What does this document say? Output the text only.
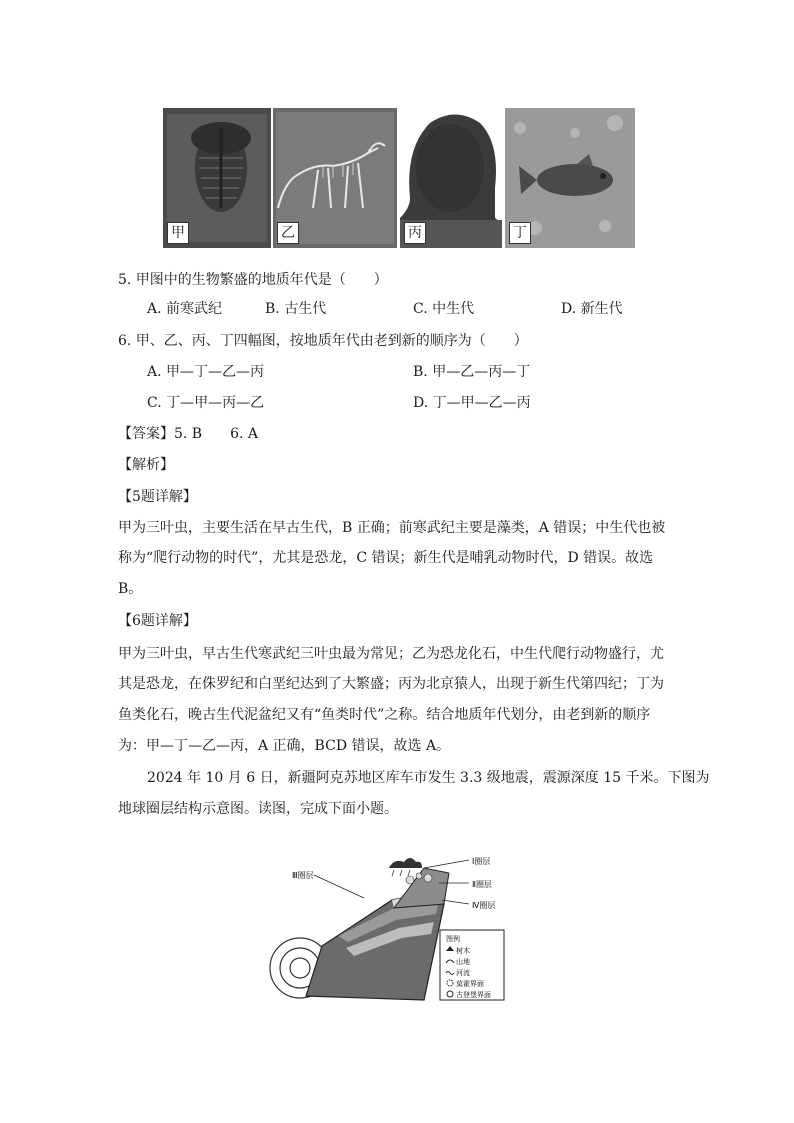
甲	乙	丙	丁
5. 甲图中的生物繁盛的地质年代是（　　）
A. 前寒武纪	B. 古生代	C. 中生代	D. 新生代
6. 甲、乙、丙、丁四幅图，按地质年代由老到新的顺序为（　　）
A. 甲—丁—乙—丙	B. 甲—乙—丙—丁
C. 丁—甲—丙—乙	D. 丁—甲—乙—丙
【答案】5. B　　6. A
【解析】
【5题详解】
甲为三叶虫，主要生活在早古生代，B 正确；前寒武纪主要是藻类，A 错误；中生代也被
称为“爬行动物的时代”，尤其是恐龙，C 错误；新生代是哺乳动物时代，D 错误。故选
B。
【6题详解】
甲为三叶虫，早古生代寒武纪三叶虫最为常见；乙为恐龙化石，中生代爬行动物盛行，尤
其是恐龙，在侏罗纪和白垩纪达到了大繁盛；丙为北京猿人，出现于新生代第四纪；丁为
鱼类化石，晚古生代泥盆纪又有“鱼类时代”之称。结合地质年代划分，由老到新的顺序
为：甲—丁—乙—丙，A 正确，BCD 错误，故选 A。
2024 年 10 月 6 日，新疆阿克苏地区库车市发生 3.3 级地震，震源深度 15 千米。下图为
地球圈层结构示意图。读图，完成下面小题。
Ⅰ圈层
Ⅱ圈层
Ⅲ圈层
Ⅳ圈层
图例
树木
山地
河流
莫霍界面
古登堡界面
